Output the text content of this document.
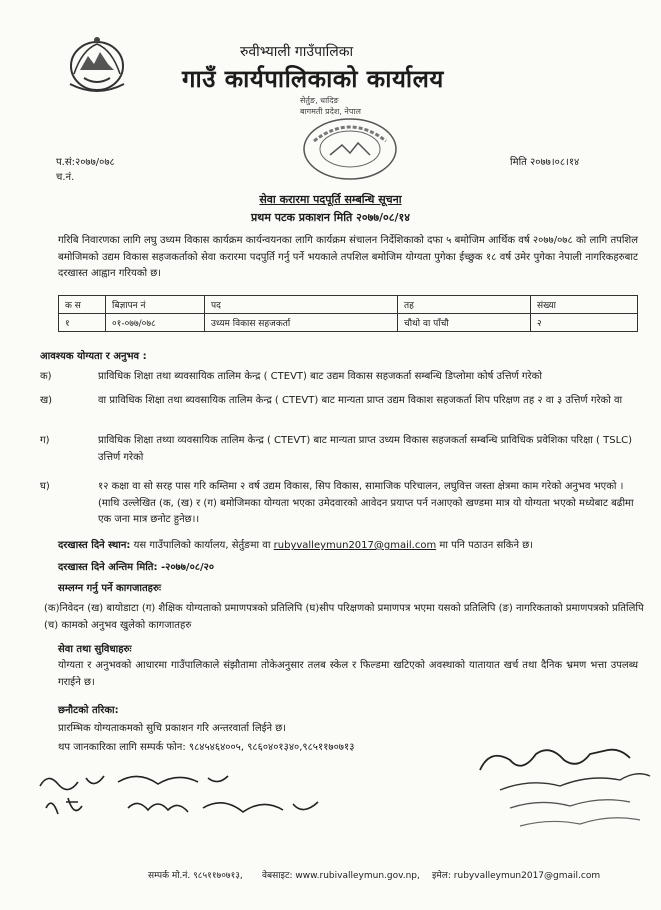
रुवीभ्याली गाउँपालिका
गाउँ कार्यपालिकाको कार्यालय
सेर्तुङ, धादिङ
बागमती प्रदेश, नेपाल
प.सं:२०७७/०७८
च.नं.
मिति २०७७।०८।१४
सेवा करारमा पदपूर्ति सम्बन्धि सूचना
प्रथम पटक प्रकाशन मिति २०७७/०८/१४
गरिबि निवारणका लागि लघु उध्यम विकास कार्यक्रम कार्यन्वयनका लागि कार्यक्रम संचालन निर्देशिकाको दफा ५ बमोजिम आर्थिक वर्ष २०७७/०७८ को लागि तपशिल बमोजिमको उद्यम विकास सहजकर्ताको सेवा करारमा पदपुर्ति गर्नु पर्ने भयकाले तपशिल बमोजिम योग्यता पुगेका ईच्छुक १८ वर्ष उमेर पुगेका नेपाली नागरिकहरुबाट दरखास्त आह्वान गरियको छ।
क स	बिज्ञापन नं	पद	तह	संख्या
१	०१-०७७/०७८	उध्यम विकास सहजकर्ता	चौथो वा पाँचौ	२
आवश्यक योग्यता र अनुभव :
क)	प्राविधिक शिक्षा तथा ब्यवसायिक तालिम केन्द्र ( CTEVT) बाट उद्यम विकास सहजकर्ता सम्बन्धि डिप्लोमा कोर्ष उत्तिर्ण गरेको
ख)	वा प्राविधिक शिक्षा तथा ब्यवसायिक तालिम केन्द्र ( CTEVT) बाट मान्यता प्राप्त उद्यम विकाश सहजकर्ता शिप परिक्षण तह २ वा ३ उत्तिर्ण गरेको वा
ग)	प्राविधिक शिक्षा तथ्या व्यवसायिक तालिम केन्द्र ( CTEVT) बाट मान्यता प्राप्त उध्यम विकास सहजकर्ता सम्बन्धि प्राविधिक प्रवेशिका परिक्षा ( TSLC) उत्तिर्ण गरेको
घ)	१२ कक्षा वा सो सरह पास गरि कम्तिमा २ वर्ष उद्यम विकास, सिप विकास, सामाजिक परिचालन, लघुवित्त जस्ता क्षेत्रमा काम गरेको अनुभव भएको । (माथि उल्लेखित (क, (ख) र (ग) बमोजिमका योग्यता भएका उमेदवारको आवेदन प्रयाप्त पर्न नआएको खण्डमा मात्र यो योग्यता भएको मध्येबाट बढीमा एक जना मात्र छनोट हुनेछ।।
दरखास्त दिने स्थान: यस गाउँपालिको कार्यालय, सेर्तुङमा वा rubyvalleymun2017@gmail.com मा पनि पठाउन सकिने छ।
दरखास्त दिने अन्तिम मिति: -२०७७/०८/२०
सम्लग्न गर्नु पर्ने कागजातहरुः
(क)निवेदन (ख) बायोडाटा (ग) शैक्षिक योग्यताको प्रमाणपत्रको प्रतिलिपि (घ)सीप परिक्षणको प्रमाणपत्र भएमा यसको प्रतिलिपि (ङ) नागरिकताको प्रमाणपत्रको प्रतिलिपि (च) कामको अनुभव खुलेको कागजातहरु
सेवा तथा सुविधाहरुः
योग्यता र अनुभवको आधारमा गाउँपालिकाले संझौतामा तोकेअनुसार तलब स्केल र फिल्डमा खटिएको अवस्थाको यातायात खर्च तथा दैनिक भ्रमण भत्ता उपलब्ध गराईने छ।
छनौटको तरिका:
प्रारम्भिक योग्यताकमको सुचि प्रकाशन गरि अन्तरवार्ता लिईने छ।
थप जानकारिका लागि सम्पर्क फोन: ९८४५४६४००५, ९८६०४०१३४०,९८५११७०७१३
सम्पर्क मो.नं. ९८५११७०७१३, वेबसाइट: www.rubivalleymun.gov.np, इमेल: rubyvalleymun2017@gmail.com
